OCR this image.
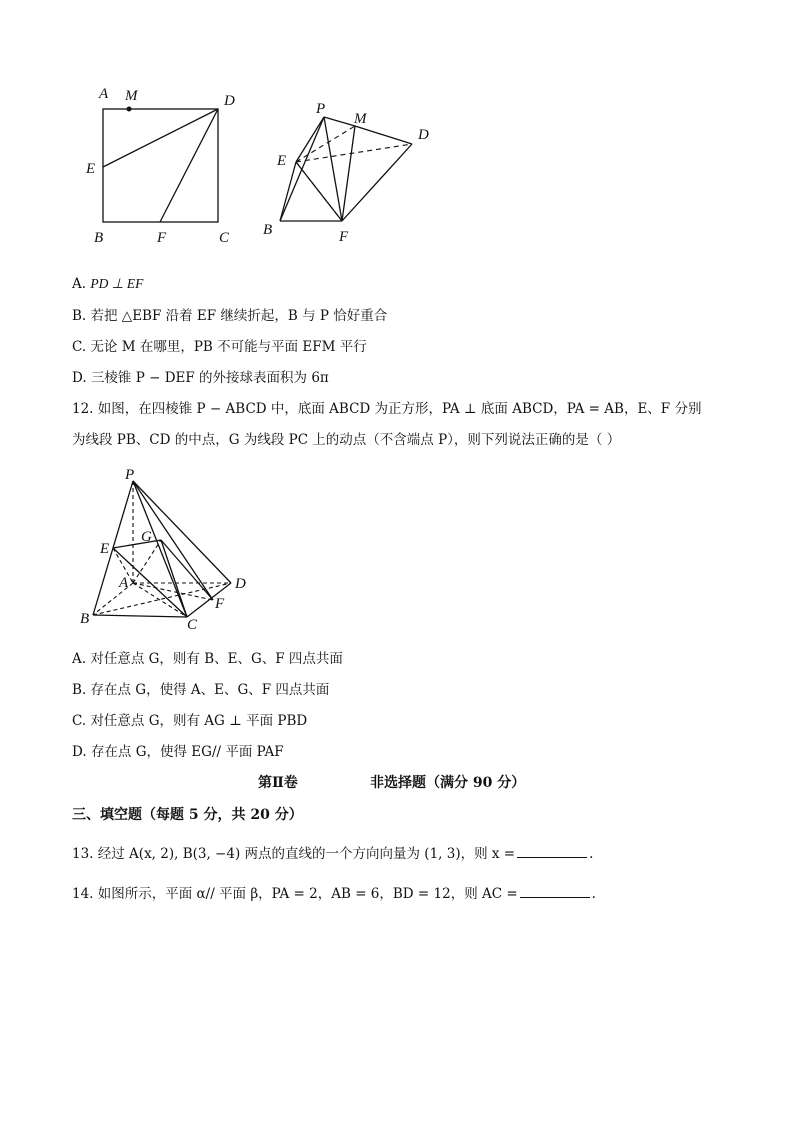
A M	D
E
B	F	C
P
M
D
E
B	F
A. PD ⊥ EF
B. 若把 △EBF 沿着 EF 继续折起，B 与 P 恰好重合
C. 无论 M 在哪里，PB 不可能与平面 EFM 平行
D. 三棱锥 P − DEF 的外接球表面积为 6π
12. 如图，在四棱锥 P − ABCD 中，底面 ABCD 为正方形，PA ⊥ 底面 ABCD，PA = AB，E、F 分别
为线段 PB、CD 的中点，G 为线段 PC 上的动点（不含端点 P），则下列说法正确的是（ ）
P
G
E
A	D
F
B	C
A. 对任意点 G，则有 B、E、G、F 四点共面
B. 存在点 G，使得 A、E、G、F 四点共面
C. 对任意点 G，则有 AG ⊥ 平面 PBD
D. 存在点 G，使得 EG// 平面 PAF
第Ⅱ卷	非选择题（满分 90 分）
三、填空题（每题 5 分，共 20 分）
13. 经过 A(x, 2), B(3, −4) 两点的直线的一个方向向量为 (1, 3)，则 x =	.
14. 如图所示，平面 α// 平面 β，PA = 2，AB = 6，BD = 12，则 AC =	.
